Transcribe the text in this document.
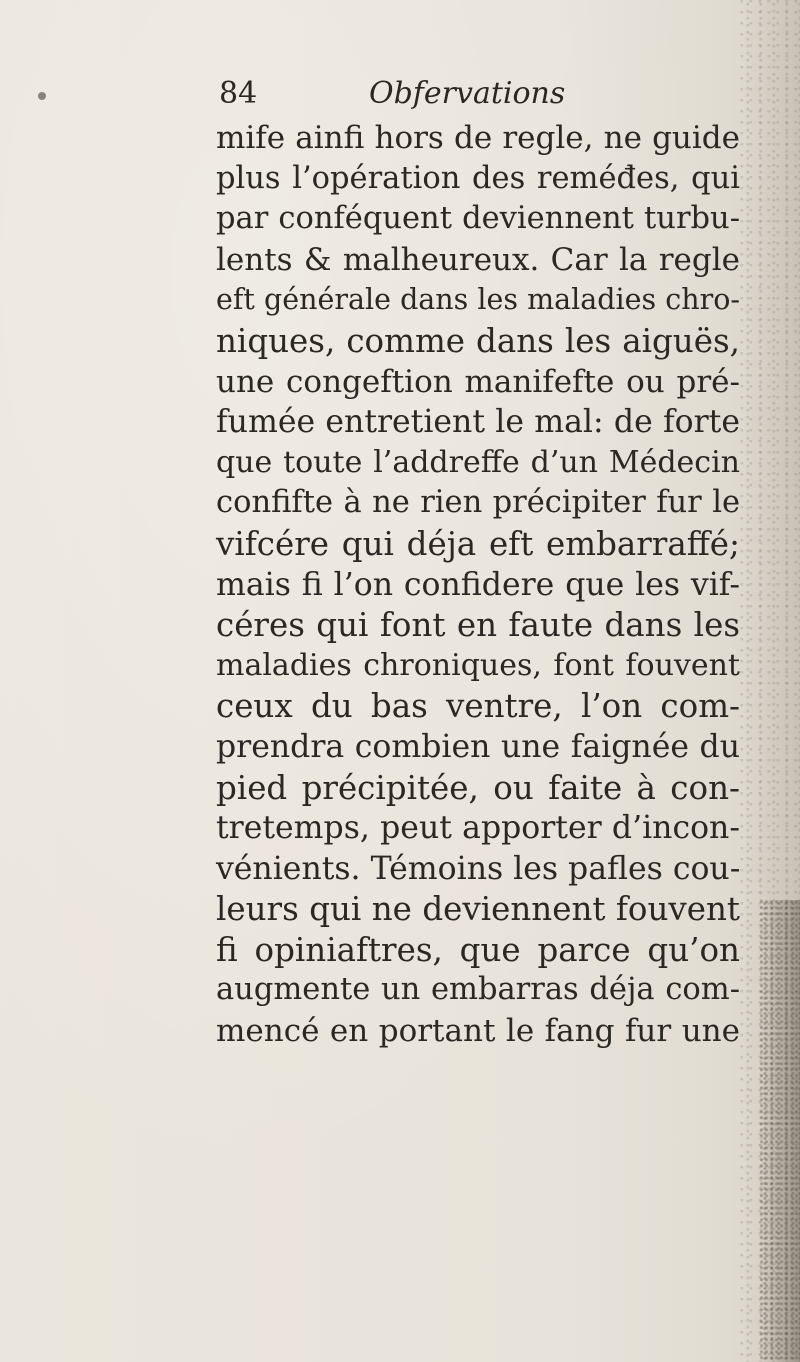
84	Obfervations
mife ainfi hors de regle, ne guide
plus l’opération des reméđes, qui
par conféquent deviennent turbu-
lents & malheureux. Car la regle
eft générale dans les maladies chro-
niques, comme dans les aiguës,
une congeftion manifefte ou pré-
fumée entretient le mal: de forte
que toute l’addreffe d’un Médecin
confifte à ne rien précipiter fur le
vifcére qui déja eft embarraffé;
mais fi l’on confidere que les vif-
céres qui font en faute dans les
maladies chroniques, font fouvent
ceux du bas ventre, l’on com-
prendra combien une faignée du
pied précipitée, ou faite à con-
tretemps, peut apporter d’incon-
vénients. Témoins les pafles cou-
leurs qui ne deviennent fouvent
fi opiniaftres, que parce qu’on
augmente un embarras déja com-
mencé en portant le fang fur une
